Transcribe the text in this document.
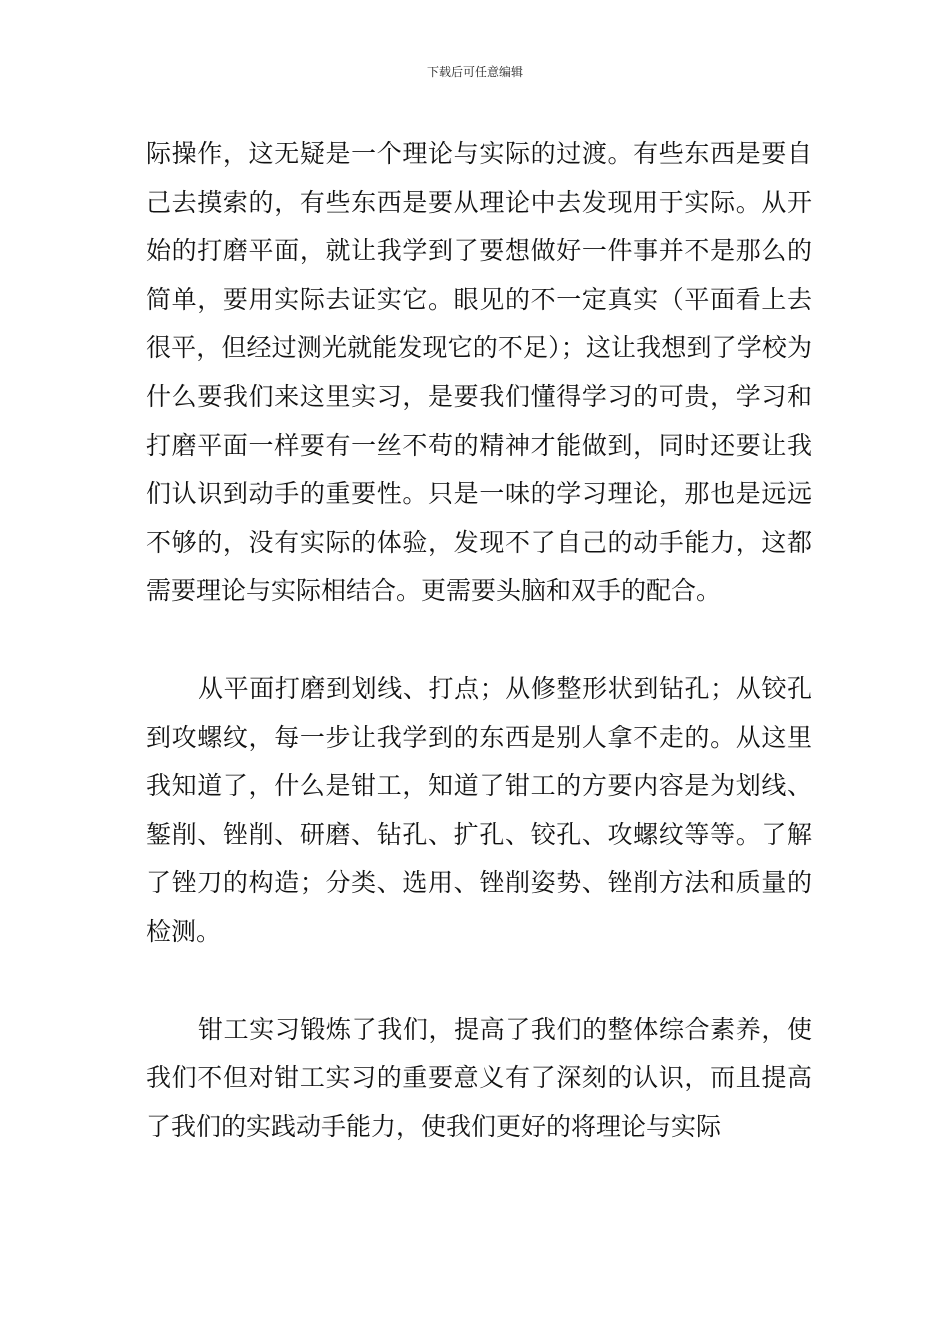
下载后可任意编辑

际操作，这无疑是一个理论与实际的过渡。有些东西是要自己去摸索的，有些东西是要从理论中去发现用于实际。从开始的打磨平面，就让我学到了要想做好一件事并不是那么的简单，要用实际去证实它。眼见的不一定真实（平面看上去很平，但经过测光就能发现它的不足）；这让我想到了学校为什么要我们来这里实习，是要我们懂得学习的可贵，学习和打磨平面一样要有一丝不苟的精神才能做到，同时还要让我们认识到动手的重要性。只是一味的学习理论，那也是远远不够的，没有实际的体验，发现不了自己的动手能力，这都需要理论与实际相结合。更需要头脑和双手的配合。

从平面打磨到划线、打点；从修整形状到钻孔；从铰孔到攻螺纹，每一步让我学到的东西是别人拿不走的。从这里我知道了，什么是钳工，知道了钳工的方要内容是为划线、錾削、锉削、研磨、钻孔、扩孔、铰孔、攻螺纹等等。了解了锉刀的构造；分类、选用、锉削姿势、锉削方法和质量的检测。

钳工实习锻炼了我们，提高了我们的整体综合素养，使我们不但对钳工实习的重要意义有了深刻的认识，而且提高了我们的实践动手能力，使我们更好的将理论与实际
